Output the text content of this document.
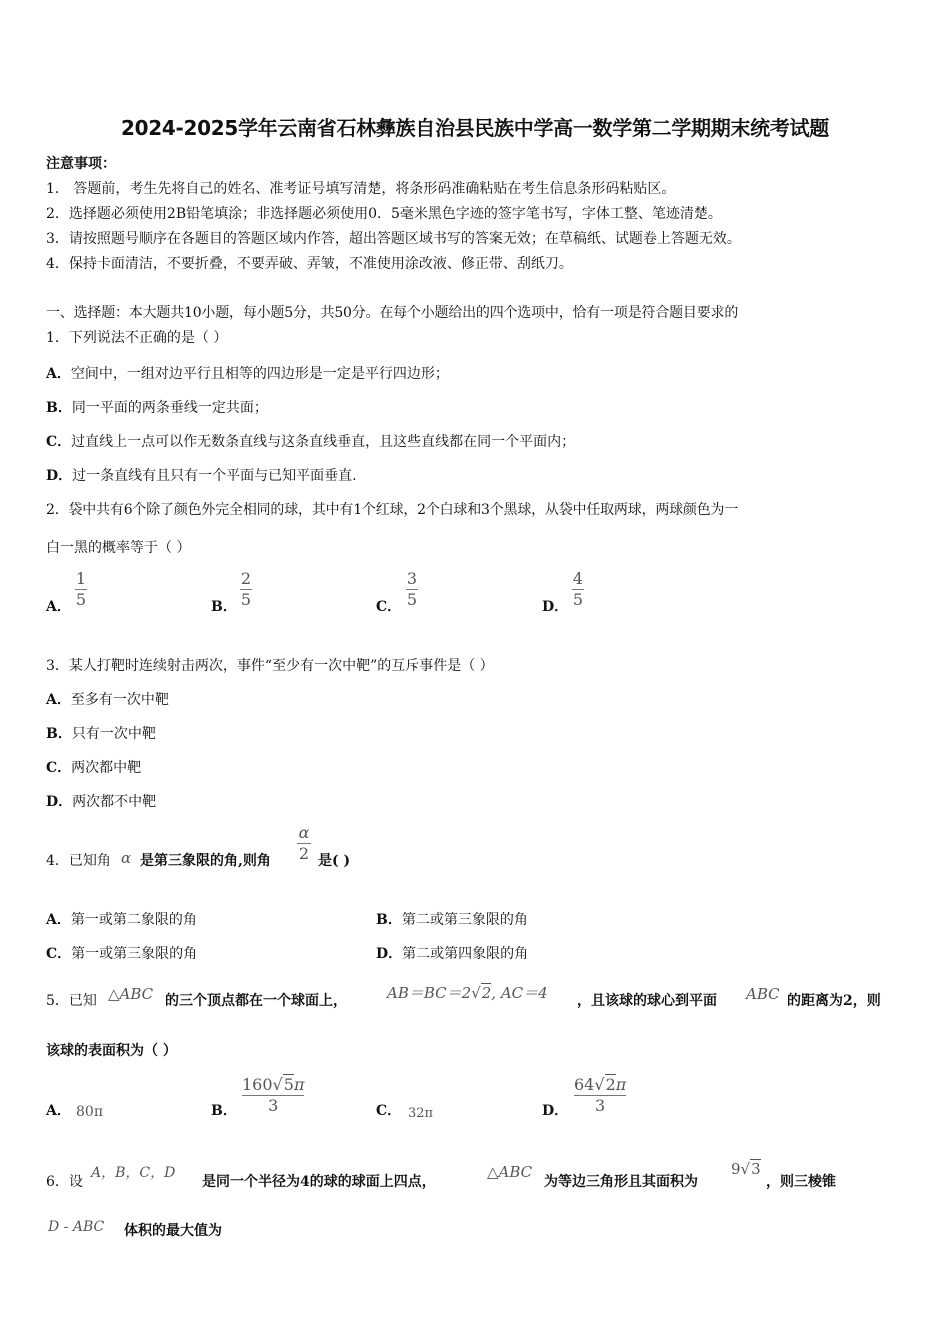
2024-2025学年云南省石林彝族自治县民族中学高一数学第二学期期末统考试题
注意事项：
1． 答题前，考生先将自己的姓名、准考证号填写清楚，将条形码准确粘贴在考生信息条形码粘贴区。
2．选择题必须使用2B铅笔填涂；非选择题必须使用0．5毫米黑色字迹的签字笔书写，字体工整、笔迹清楚。
3．请按照题号顺序在各题目的答题区域内作答，超出答题区域书写的答案无效；在草稿纸、试题卷上答题无效。
4．保持卡面清洁，不要折叠，不要弄破、弄皱，不准使用涂改液、修正带、刮纸刀。
一、选择题：本大题共10小题，每小题5分，共50分。在每个小题给出的四个选项中，恰有一项是符合题目要求的
1．下列说法不正确的是（ ）
A．空间中，一组对边平行且相等的四边形是一定是平行四边形；
B．同一平面的两条垂线一定共面；
C．过直线上一点可以作无数条直线与这条直线垂直，且这些直线都在同一个平面内；
D．过一条直线有且只有一个平面与已知平面垂直.
2．袋中共有6个除了颜色外完全相同的球，其中有1个红球，2个白球和3个黑球，从袋中任取两球，两球颜色为一
白一黑的概率等于（ ）
A．
1
5	B．
2
5	C．
3
5	D．
4
5
3．某人打靶时连续射击两次，事件“至少有一次中靶”的互斥事件是（ ）
A．至多有一次中靶
B．只有一次中靶
C．两次都中靶
D．两次都不中靶
4．已知角 α 是第三象限的角,则角
α
2 是( )
A．第一或第二象限的角	B．第二或第三象限的角
C．第一或第三象限的角	D．第二或第四象限的角
5．已知 △ABC 的三个顶点都在一个球面上，	AB＝BC＝2√2, AC＝4 ，且该球的球心到平面 ABC 的距离为2，则
该球的表面积为（ ）
A． 80π	B．
160√5π
3	C． 32π	D．
64√2π
3
6．设
A，B，C，D
是同一个半径为4的球的球面上四点，
△ABC
为等边三角形且其面积为
9√3
，则三棱锥
D - ABC 体积的最大值为
